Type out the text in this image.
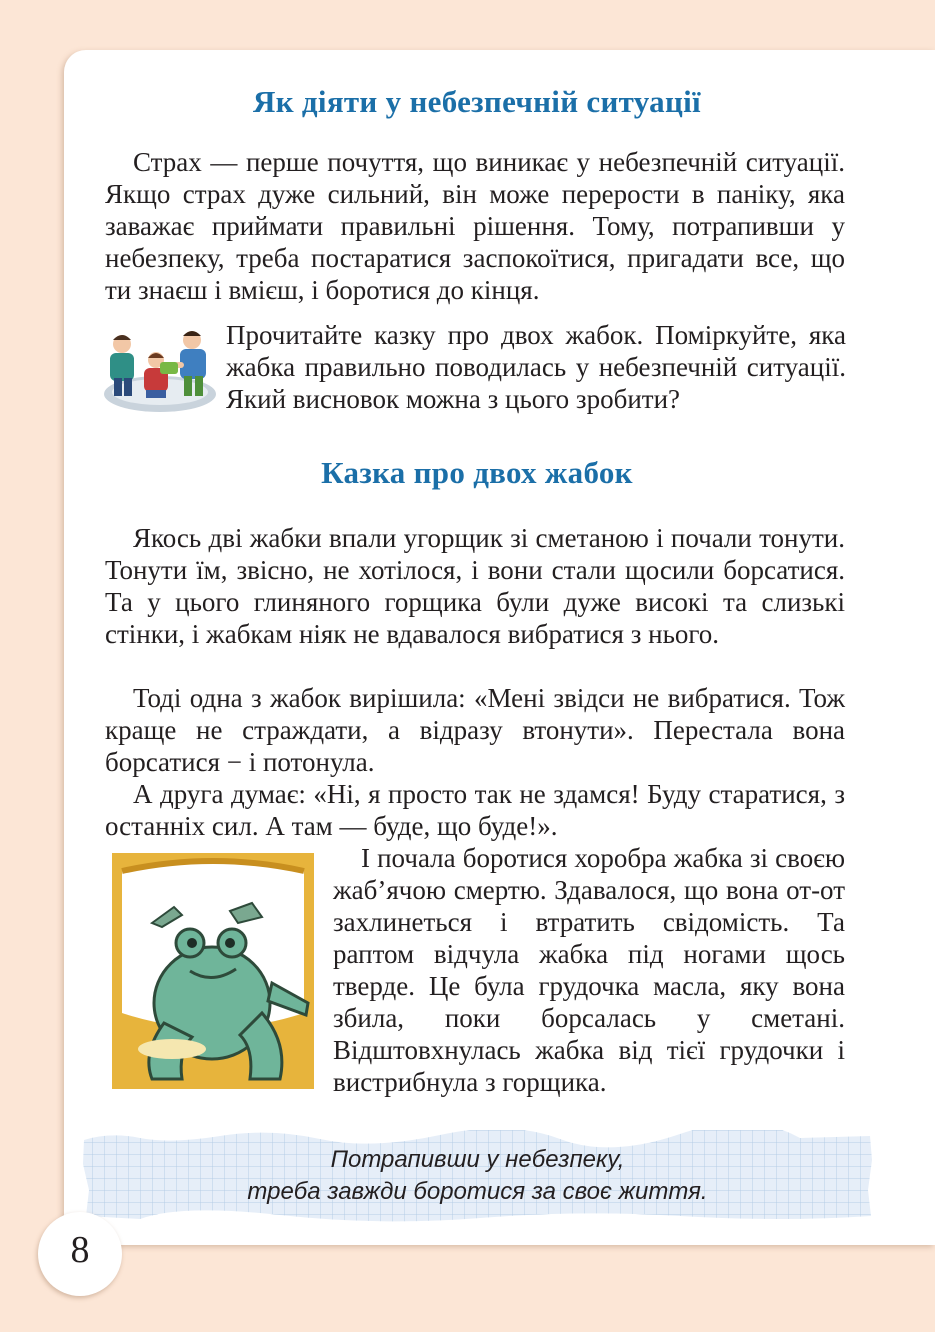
Як діяти у небезпечній ситуації

Страх — перше почуття, що виникає у небезпечній ситуації. Якщо страх дуже сильний, він може перерости в паніку, яка заважає приймати правильні рішення. Тому, потрапивши у небезпеку, треба постаратися заспокоїтися, пригадати все, що ти знаєш і вмієш, і боротися до кінця.

Прочитайте казку про двох жабок. Поміркуйте, яка жабка правильно поводилась у небезпечній ситуації. Який висновок можна з цього зробити?

Казка про двох жабок

Якось дві жабки впали угорщик зі сметаною і почали тонути. Тонути їм, звісно, не хотілося, і вони стали щосили борсатися. Та у цього глиняного горщика були дуже високі та слизькі стінки, і жабкам ніяк не вдавалося вибратися з нього.

Тоді одна з жабок вирішила: «Мені звідси не вибратися. Тож краще не страждати, а відразу втонути». Перестала вона борсатися − і потонула.

А друга думає: «Ні, я просто так не здамся! Буду старатися, з останніх сил. А там — буде, що буде!».

І почала боротися хоробра жабка зі своєю жаб’ячою смертю. Здавалося, що вона от-от захлинеться і втратить свідомість. Та раптом відчула жабка під ногами щось тверде. Це була грудочка масла, яку вона збила, поки борсалась у сметані. Відштовхнулась жабка від тієї грудочки і вистрибнула з горщика.

Потрапивши у небезпеку,
треба завжди боротися за своє життя.
8
